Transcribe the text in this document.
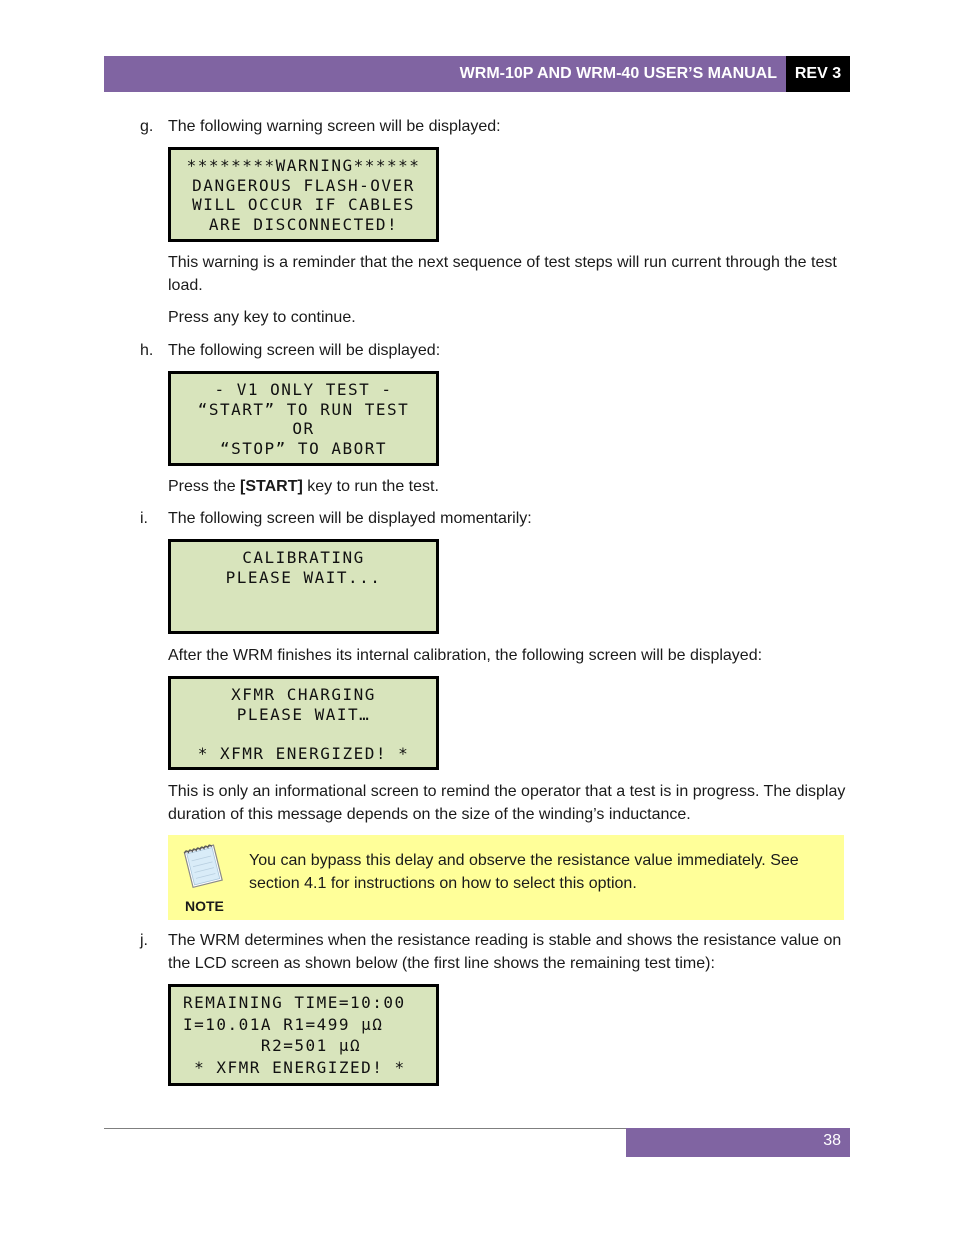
WRM-10P AND WRM-40 USER’S MANUAL	REV 3
g. The following warning screen will be displayed:
********WARNING******
DANGEROUS FLASH-OVER
WILL OCCUR IF CABLES
ARE DISCONNECTED!
This warning is a reminder that the next sequence of test steps will run current through the test load.
Press any key to continue.
h. The following screen will be displayed:
- V1 ONLY TEST -
“START” TO RUN TEST
OR
“STOP” TO ABORT
Press the [START] key to run the test.
i.	The following screen will be displayed momentarily:
CALIBRATING
PLEASE WAIT...
After the WRM finishes its internal calibration, the following screen will be displayed:
XFMR CHARGING
PLEASE WAIT…
* XFMR ENERGIZED! *
This is only an informational screen to remind the operator that a test is in progress. The display duration of this message depends on the size of the winding’s inductance.
NOTE
You can bypass this delay and observe the resistance value immediately. See section 4.1 for instructions on how to select this option.
j.	The WRM determines when the resistance reading is stable and shows the resistance value on the LCD screen as shown below (the first line shows the remaining test time):
REMAINING TIME=10:00
I=10.01A R1=499 μΩ
R2=501 μΩ
* XFMR ENERGIZED! *
38
